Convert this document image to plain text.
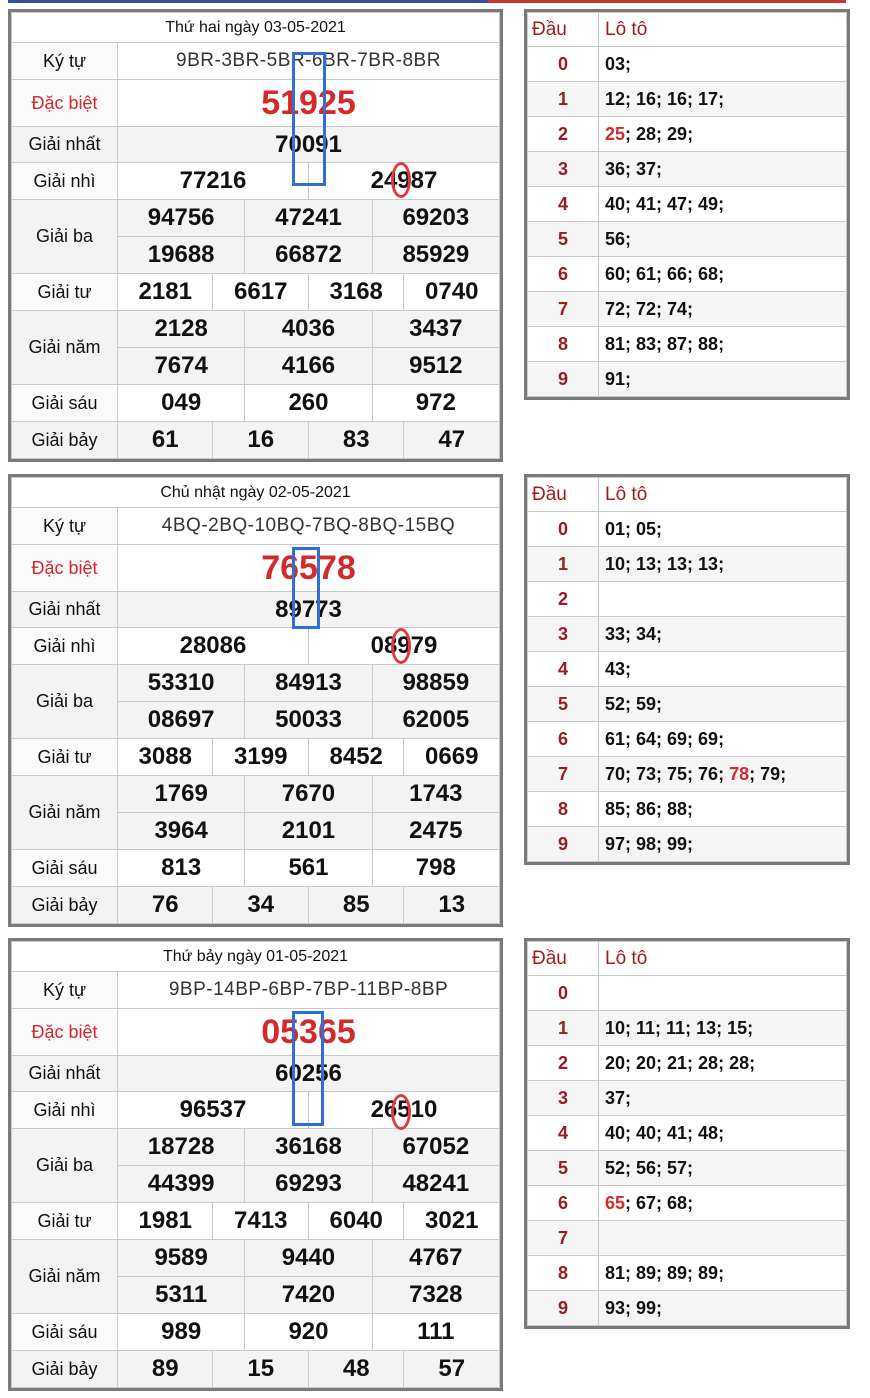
Thứ hai ngày 03-05-2021						
Ký tự	9BR-3BR-5BR-6BR-7BR-8BR					
Đặc biệt	51925					
Giải nhất	70091					
Giải nhì	77216			24987		
Giải ba	94756		47241		69203	
	19688		66872		85929	
Giải tư	2181	6617		3168		0740
Giải năm	2128		4036		3437	
	7674		4166		9512	
Giải sáu	049		260		972	
Giải bảy	61	16		83		47
Đầu	Lô tô
0	03;
1	12; 16; 16; 17;
2	25; 28; 29;
3	36; 37;
4	40; 41; 47; 49;
5	56;
6	60; 61; 66; 68;
7	72; 72; 74;
8	81; 83; 87; 88;
9	91;
Chủ nhật ngày 02-05-2021						
Ký tự	4BQ-2BQ-10BQ-7BQ-8BQ-15BQ					
Đặc biệt	76578					
Giải nhất	89773					
Giải nhì	28086			08979		
Giải ba	53310		84913		98859	
	08697		50033		62005	
Giải tư	3088	3199		8452		0669
Giải năm	1769		7670		1743	
	3964		2101		2475	
Giải sáu	813		561		798	
Giải bảy	76	34		85		13
Đầu	Lô tô
0	01; 05;
1	10; 13; 13; 13;
2	
3	33; 34;
4	43;
5	52; 59;
6	61; 64; 69; 69;
7	70; 73; 75; 76; 78; 79;
8	85; 86; 88;
9	97; 98; 99;
Thứ bảy ngày 01-05-2021						
Ký tự	9BP-14BP-6BP-7BP-11BP-8BP					
Đặc biệt	05365					
Giải nhất	60256					
Giải nhì	96537			26510		
Giải ba	18728		36168		67052	
	44399		69293		48241	
Giải tư	1981	7413		6040		3021
Giải năm	9589		9440		4767	
	5311		7420		7328	
Giải sáu	989		920		111	
Giải bảy	89	15		48		57
Đầu	Lô tô
0	
1	10; 11; 11; 13; 15;
2	20; 20; 21; 28; 28;
3	37;
4	40; 40; 41; 48;
5	52; 56; 57;
6	65; 67; 68;
7	
8	81; 89; 89; 89;
9	93; 99;
